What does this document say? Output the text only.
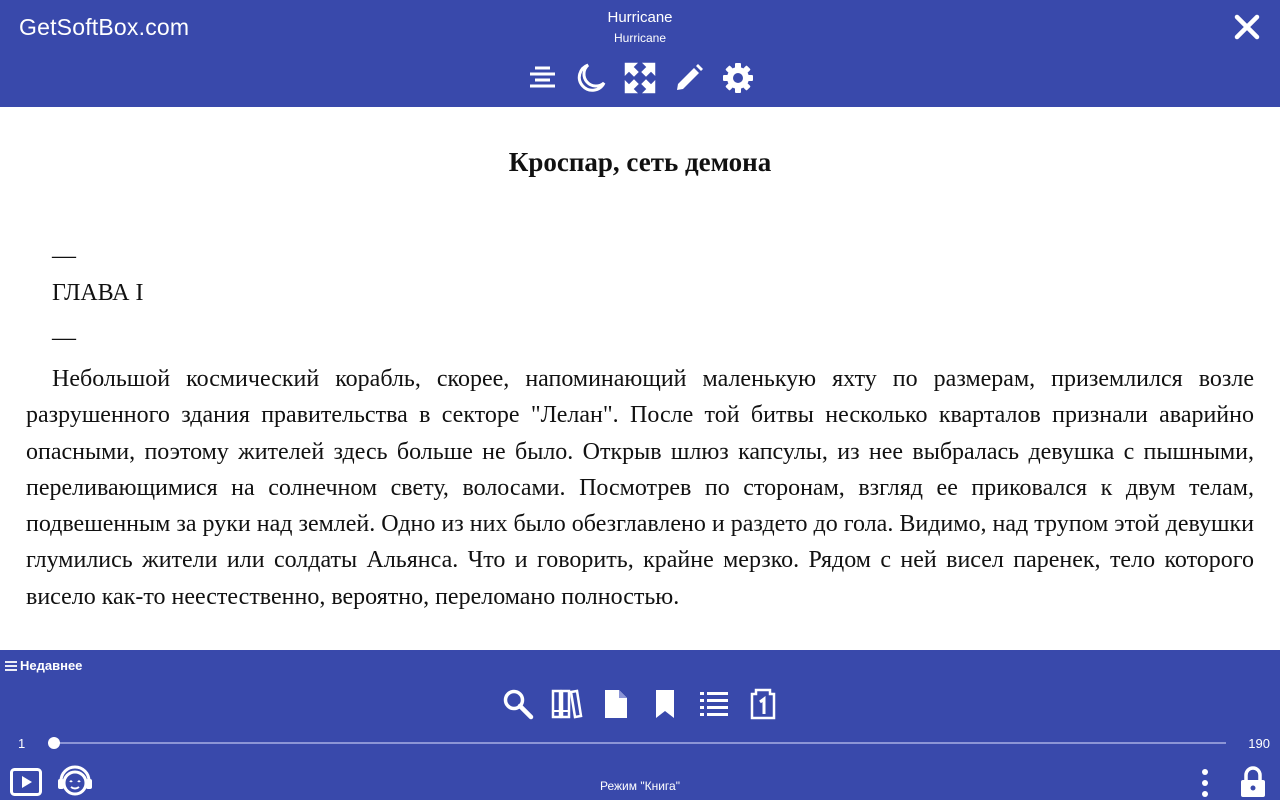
GetSoftBox.com	Hurricane
Hurricane
Кроспар, сеть демона
—
ГЛАВА I
—
Небольшой космический корабль, скорее, напоминающий маленькую яхту по размерам, приземлился возле разрушенного здания правительства в секторе "Лелан". После той битвы несколько кварталов признали аварийно опасными, поэтому жителей здесь больше не было. Открыв шлюз капсулы, из нее выбралась девушка с пышными, переливающимися на солнечном свету, волосами. Посмотрев по сторонам, взгляд ее приковался к двум телам, подвешенным за руки над землей. Одно из них было обезглавлено и раздето до гола. Видимо, над трупом этой девушки глумились жители или солдаты Альянса. Что и говорить, крайне мерзко. Рядом с ней висел паренек, тело которого висело как-то неестественно, вероятно, переломано полностью.
Недавнее
1	190
Режим "Книга"
